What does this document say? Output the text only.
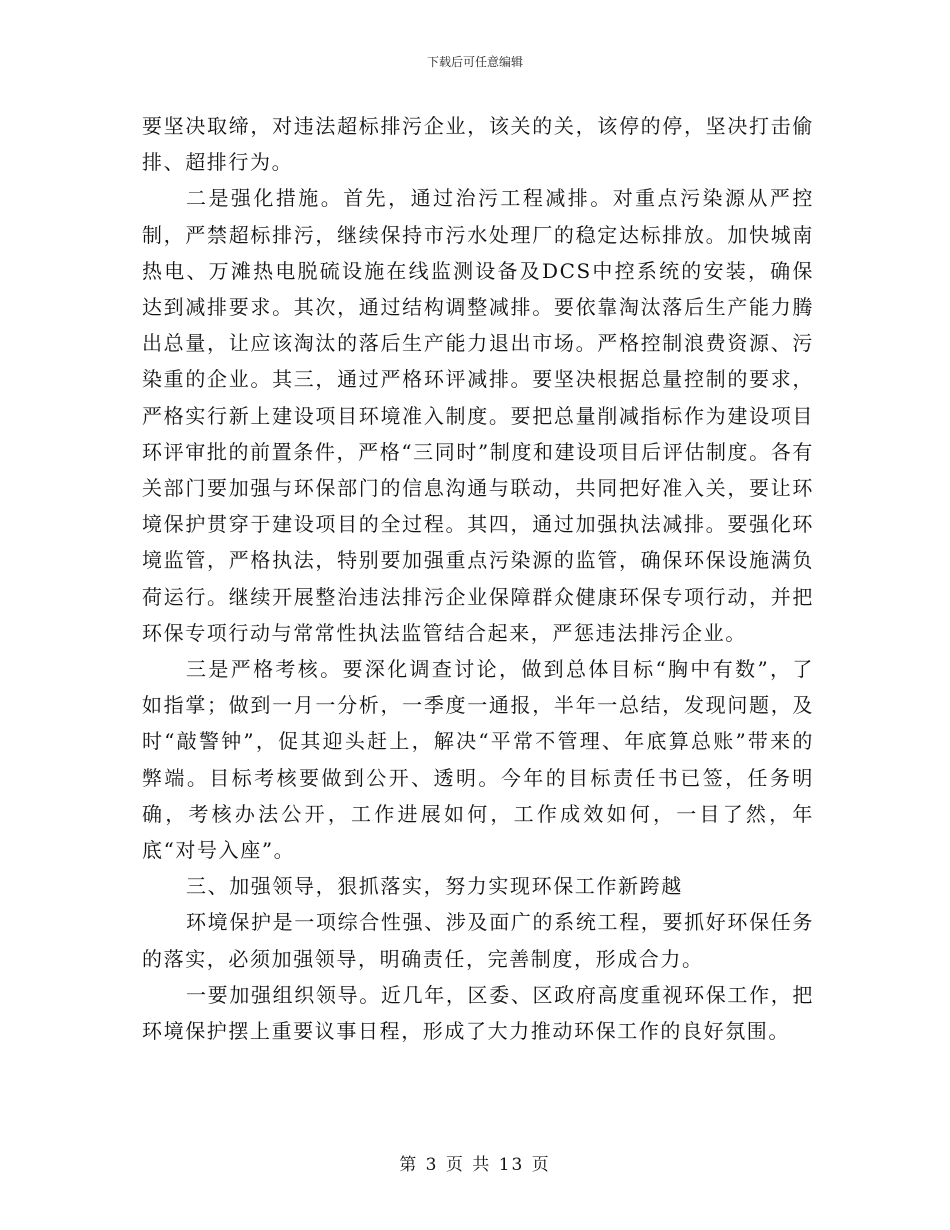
下载后可任意编辑

要坚决取缔，对违法超标排污企业，该关的关，该停的停，坚决打击偷排、超排行为。

二是强化措施。首先，通过治污工程减排。对重点污染源从严控制，严禁超标排污，继续保持市污水处理厂的稳定达标排放。加快城南热电、万滩热电脱硫设施在线监测设备及DCS中控系统的安装，确保达到减排要求。其次，通过结构调整减排。要依靠淘汰落后生产能力腾出总量，让应该淘汰的落后生产能力退出市场。严格控制浪费资源、污染重的企业。其三，通过严格环评减排。要坚决根据总量控制的要求，严格实行新上建设项目环境准入制度。要把总量削减指标作为建设项目环评审批的前置条件，严格“三同时”制度和建设项目后评估制度。各有关部门要加强与环保部门的信息沟通与联动，共同把好准入关，要让环境保护贯穿于建设项目的全过程。其四，通过加强执法减排。要强化环境监管，严格执法，特别要加强重点污染源的监管，确保环保设施满负荷运行。继续开展整治违法排污企业保障群众健康环保专项行动，并把环保专项行动与常常性执法监管结合起来，严惩违法排污企业。

三是严格考核。要深化调查讨论，做到总体目标“胸中有数”，了如指掌；做到一月一分析，一季度一通报，半年一总结，发现问题，及时“敲警钟”，促其迎头赶上，解决“平常不管理、年底算总账”带来的弊端。目标考核要做到公开、透明。今年的目标责任书已签，任务明确，考核办法公开，工作进展如何，工作成效如何，一目了然，年底“对号入座”。

三、加强领导，狠抓落实，努力实现环保工作新跨越

环境保护是一项综合性强、涉及面广的系统工程，要抓好环保任务的落实，必须加强领导，明确责任，完善制度，形成合力。

一要加强组织领导。近几年，区委、区政府高度重视环保工作，把环境保护摆上重要议事日程，形成了大力推动环保工作的良好氛围。

第 3 页 共 13 页
